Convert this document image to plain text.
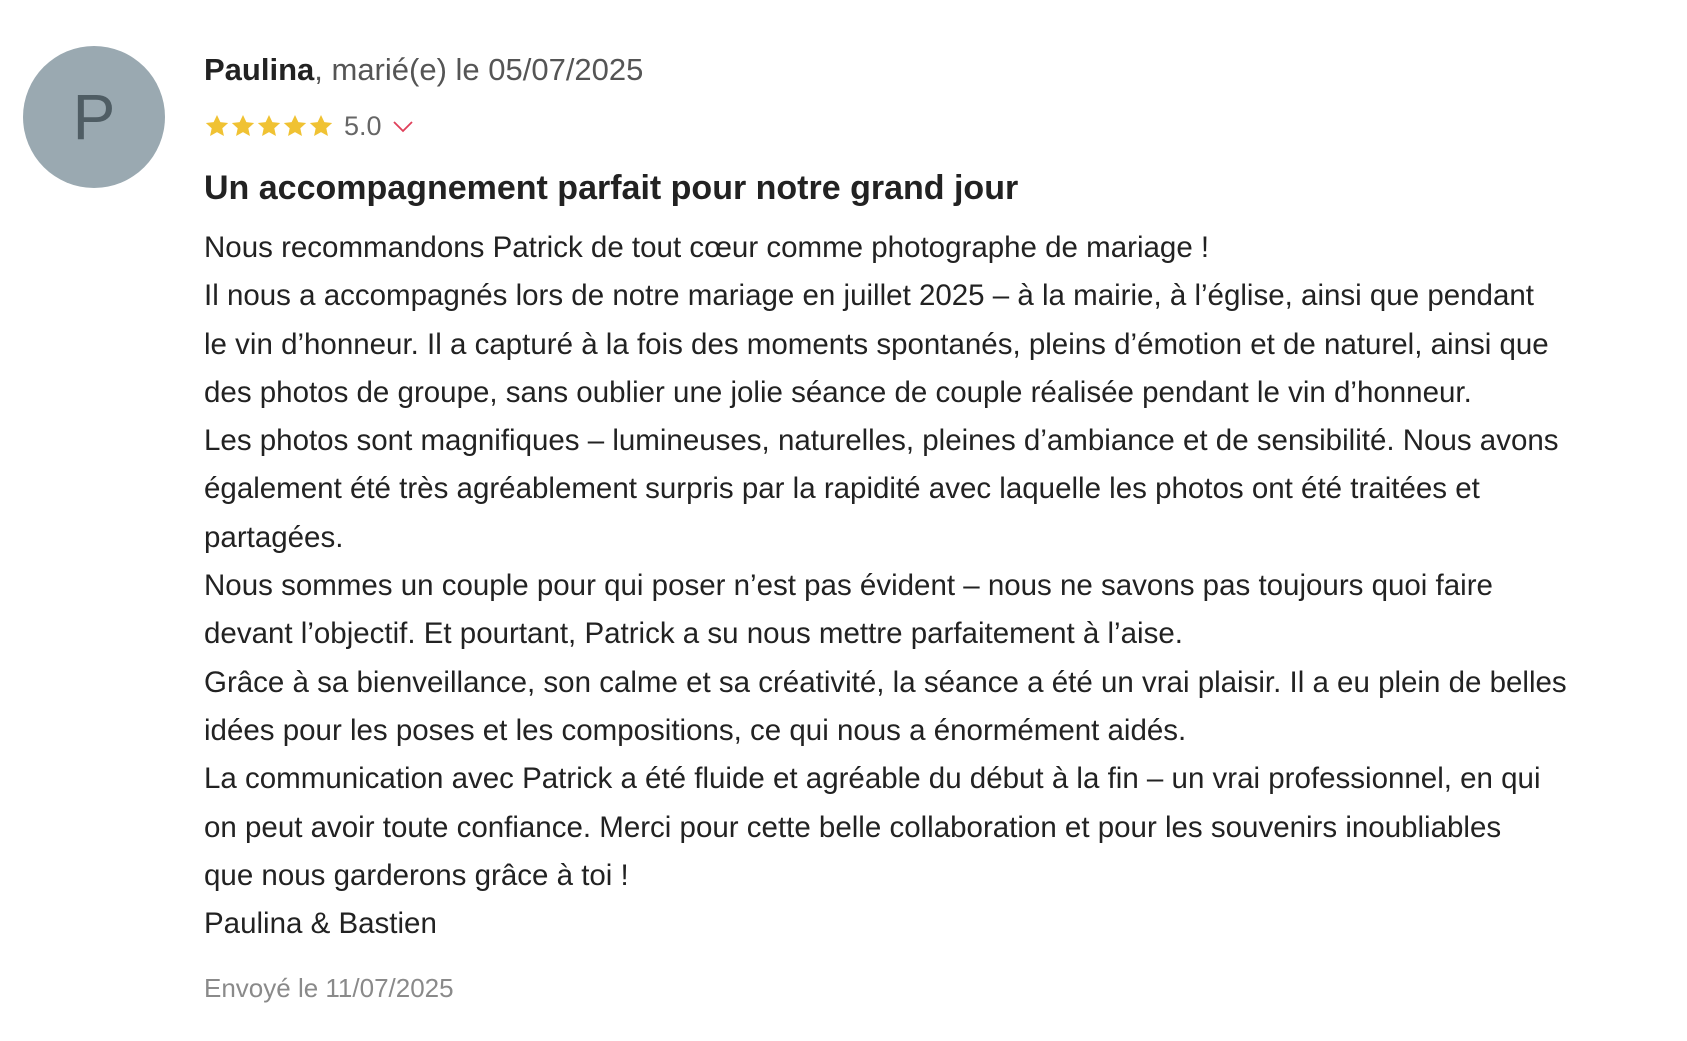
P
Paulina, marié(e) le 05/07/2025
5.0
Un accompagnement parfait pour notre grand jour
Nous recommandons Patrick de tout cœur comme photographe de mariage !
Il nous a accompagnés lors de notre mariage en juillet 2025 – à la mairie, à l’église, ainsi que pendant
le vin d’honneur. Il a capturé à la fois des moments spontanés, pleins d’émotion et de naturel, ainsi que
des photos de groupe, sans oublier une jolie séance de couple réalisée pendant le vin d’honneur.
Les photos sont magnifiques – lumineuses, naturelles, pleines d’ambiance et de sensibilité. Nous avons
également été très agréablement surpris par la rapidité avec laquelle les photos ont été traitées et
partagées.
Nous sommes un couple pour qui poser n’est pas évident – nous ne savons pas toujours quoi faire
devant l’objectif. Et pourtant, Patrick a su nous mettre parfaitement à l’aise.
Grâce à sa bienveillance, son calme et sa créativité, la séance a été un vrai plaisir. Il a eu plein de belles
idées pour les poses et les compositions, ce qui nous a énormément aidés.
La communication avec Patrick a été fluide et agréable du début à la fin – un vrai professionnel, en qui
on peut avoir toute confiance. Merci pour cette belle collaboration et pour les souvenirs inoubliables
que nous garderons grâce à toi !
Paulina & Bastien
Envoyé le 11/07/2025
